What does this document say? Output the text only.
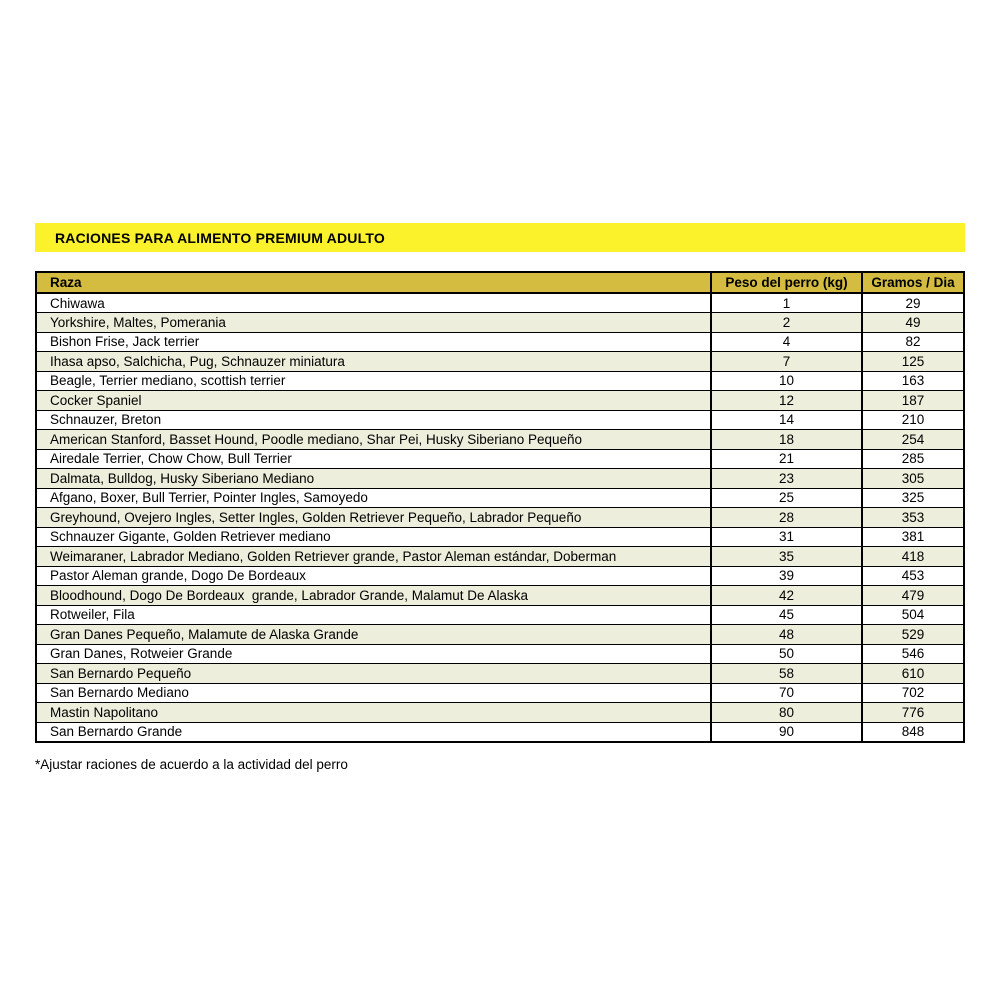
RACIONES PARA ALIMENTO PREMIUM ADULTO
Raza	Peso del perro (kg)	Gramos / Dia
Chiwawa	1	29
Yorkshire, Maltes, Pomerania	2	49
Bishon Frise, Jack terrier	4	82
Ihasa apso, Salchicha, Pug, Schnauzer miniatura	7	125
Beagle, Terrier mediano, scottish terrier	10	163
Cocker Spaniel	12	187
Schnauzer, Breton	14	210
American Stanford, Basset Hound, Poodle mediano, Shar Pei, Husky Siberiano Pequeño	18	254
Airedale Terrier, Chow Chow, Bull Terrier	21	285
Dalmata, Bulldog, Husky Siberiano Mediano	23	305
Afgano, Boxer, Bull Terrier, Pointer Ingles, Samoyedo	25	325
Greyhound, Ovejero Ingles, Setter Ingles, Golden Retriever Pequeño, Labrador Pequeño	28	353
Schnauzer Gigante, Golden Retriever mediano	31	381
Weimaraner, Labrador Mediano, Golden Retriever grande, Pastor Aleman estándar, Doberman	35	418
Pastor Aleman grande, Dogo De Bordeaux	39	453
Bloodhound, Dogo De Bordeaux  grande, Labrador Grande, Malamut De Alaska	42	479
Rotweiler, Fila	45	504
Gran Danes Pequeño, Malamute de Alaska Grande	48	529
Gran Danes, Rotweier Grande	50	546
San Bernardo Pequeño	58	610
San Bernardo Mediano	70	702
Mastin Napolitano	80	776
San Bernardo Grande	90	848
*Ajustar raciones de acuerdo a la actividad del perro
